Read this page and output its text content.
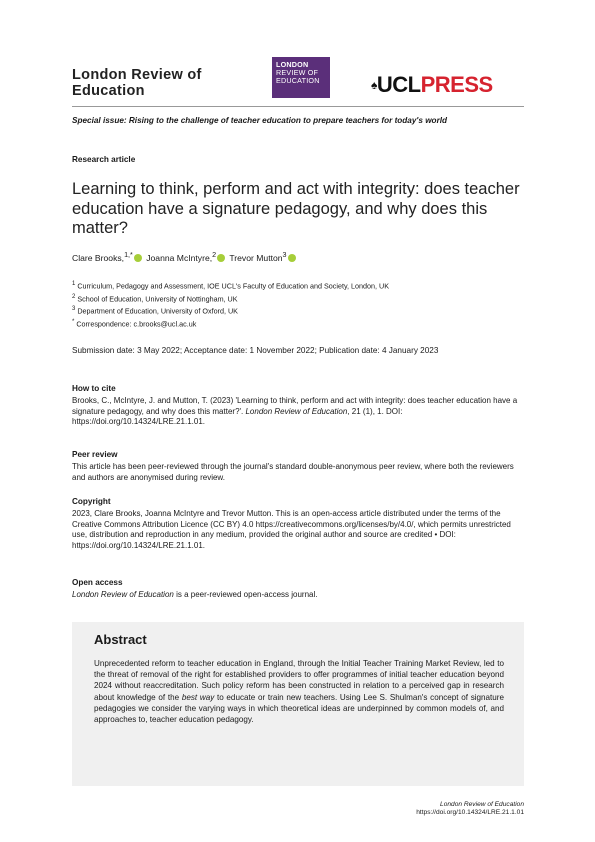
London Review of
Education
LONDON
REVIEW OF
EDUCATION	♠UCLPRESS
Special issue: Rising to the challenge of teacher education to prepare teachers for today's world
Research article
Learning to think, perform and act with integrity: does teacher education have a signature pedagogy, and why does this matter?
Clare Brooks,$^{1,*}$ Joanna McIntyre,$^2$ Trevor Mutton$^3$
$^1$ Curriculum, Pedagogy and Assessment, IOE UCL's Faculty of Education and Society, London, UK
$^2$ School of Education, University of Nottingham, UK
$^3$ Department of Education, University of Oxford, UK
* Correspondence: c.brooks@ucl.ac.uk
Submission date: 3 May 2022; Acceptance date: 1 November 2022; Publication date: 4 January 2023
How to cite
Brooks, C., McIntyre, J. and Mutton, T. (2023) 'Learning to think, perform and act with integrity: does teacher education have a signature pedagogy, and why does this matter?'. London Review of Education, 21 (1), 1. DOI: https://doi.org/10.14324/LRE.21.1.01.
Peer review
This article has been peer-reviewed through the journal's standard double-anonymous peer review, where both the reviewers and authors are anonymised during review.
Copyright
2023, Clare Brooks, Joanna McIntyre and Trevor Mutton. This is an open-access article distributed under the terms of the Creative Commons Attribution Licence (CC BY) 4.0 https://creativecommons.org/licenses/by/4.0/, which permits unrestricted use, distribution and reproduction in any medium, provided the original author and source are credited • DOI: https://doi.org/10.14324/LRE.21.1.01.
Open access
London Review of Education is a peer-reviewed open-access journal.
Abstract
Unprecedented reform to teacher education in England, through the Initial Teacher Training Market Review, led to the threat of removal of the right for established providers to offer programmes of initial teacher education beyond 2024 without reaccreditation. Such policy reform has been constructed in relation to a perceived gap in research about knowledge of the best way to educate or train new teachers. Using Lee S. Shulman's concept of signature pedagogies we consider the varying ways in which theoretical ideas are underpinned by common models of, and approaches to, teacher education pedagogy.
London Review of Education
https://doi.org/10.14324/LRE.21.1.01
